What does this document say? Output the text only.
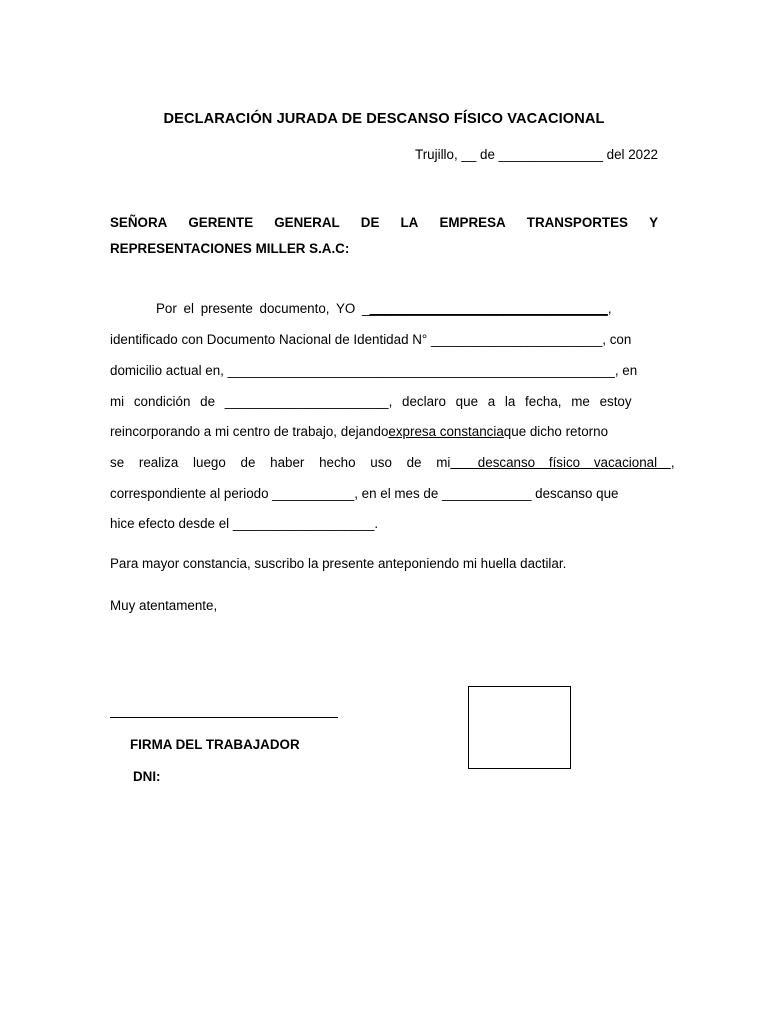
DECLARACIÓN JURADA DE DESCANSO FÍSICO VACACIONAL
Trujillo, __ de ______________ del 2022
SEÑORA GERENTE GENERAL DE LA EMPRESA TRANSPORTES Y
REPRESENTACIONES MILLER S.A.C:
Por el presente documento, YO _ ________________________________ ,
identificado con Documento Nacional de Identidad N° _______________________, con
domicilio actual en, ____________________________________________________, en
mi condición de ______________________, declaro que a la fecha, me estoy
reincorporando a mi centro de trabajo, dejando expresa constancia que dicho retorno
se realiza luego de haber hecho uso de mi descanso físico vacacional ,
correspondiente al periodo ___________, en el mes de ____________ descanso que
hice efecto desde el ___________________.
Para mayor constancia, suscribo la presente anteponiendo mi huella dactilar.
Muy atentamente,
FIRMA DEL TRABAJADOR
DNI:
